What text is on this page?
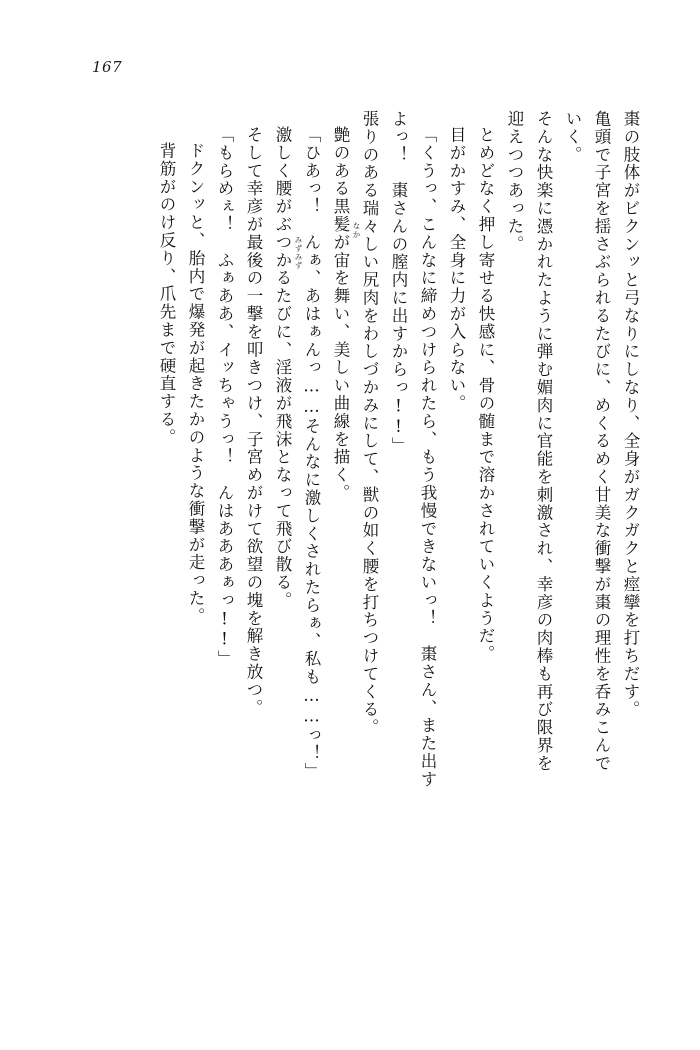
167
棗の肢体がビクンッと弓なりにしなり、全身がガクガクと痙攣を打ちだす。
亀頭で子宮を揺さぶられるたびに、めくるめく甘美な衝撃が棗の理性を呑みこんで
いく。
そんな快楽に憑かれたように弾む媚肉に官能を刺激され、幸彦の肉棒も再び限界を
迎えつつあった。
とめどなく押し寄せる快感に、骨の髄まで溶かされていくようだ。
目がかすみ、全身に力が入らない。
「くうっ、こんなに締めつけられたら、もう我慢できないっ！　棗さん、また出す
よっ！　棗さんの膣内に出すからっ!!」
張りのある瑞々しい尻肉をわしづかみにして、獣の如く腰を打ちつけてくる。
艶のある黒髪が宙を舞い、美しい曲線を描く。
「ひあっ！　んぁ、あはぁんっ……そんなに激しくされたらぁ、私も……っ！」
激しく腰がぶつかるたびに、淫液が飛沫となって飛び散る。
そして幸彦が最後の一撃を叩きつけ、子宮めがけて欲望の塊を解き放つ。
「もらめぇ！　ふぁああ、イッちゃうっ！　んはあああぁっ!!」
ドクンッと、胎内で爆発が起きたかのような衝撃が走った。
背筋がのけ反り、爪先まで硬直する。	なか
みずみず
